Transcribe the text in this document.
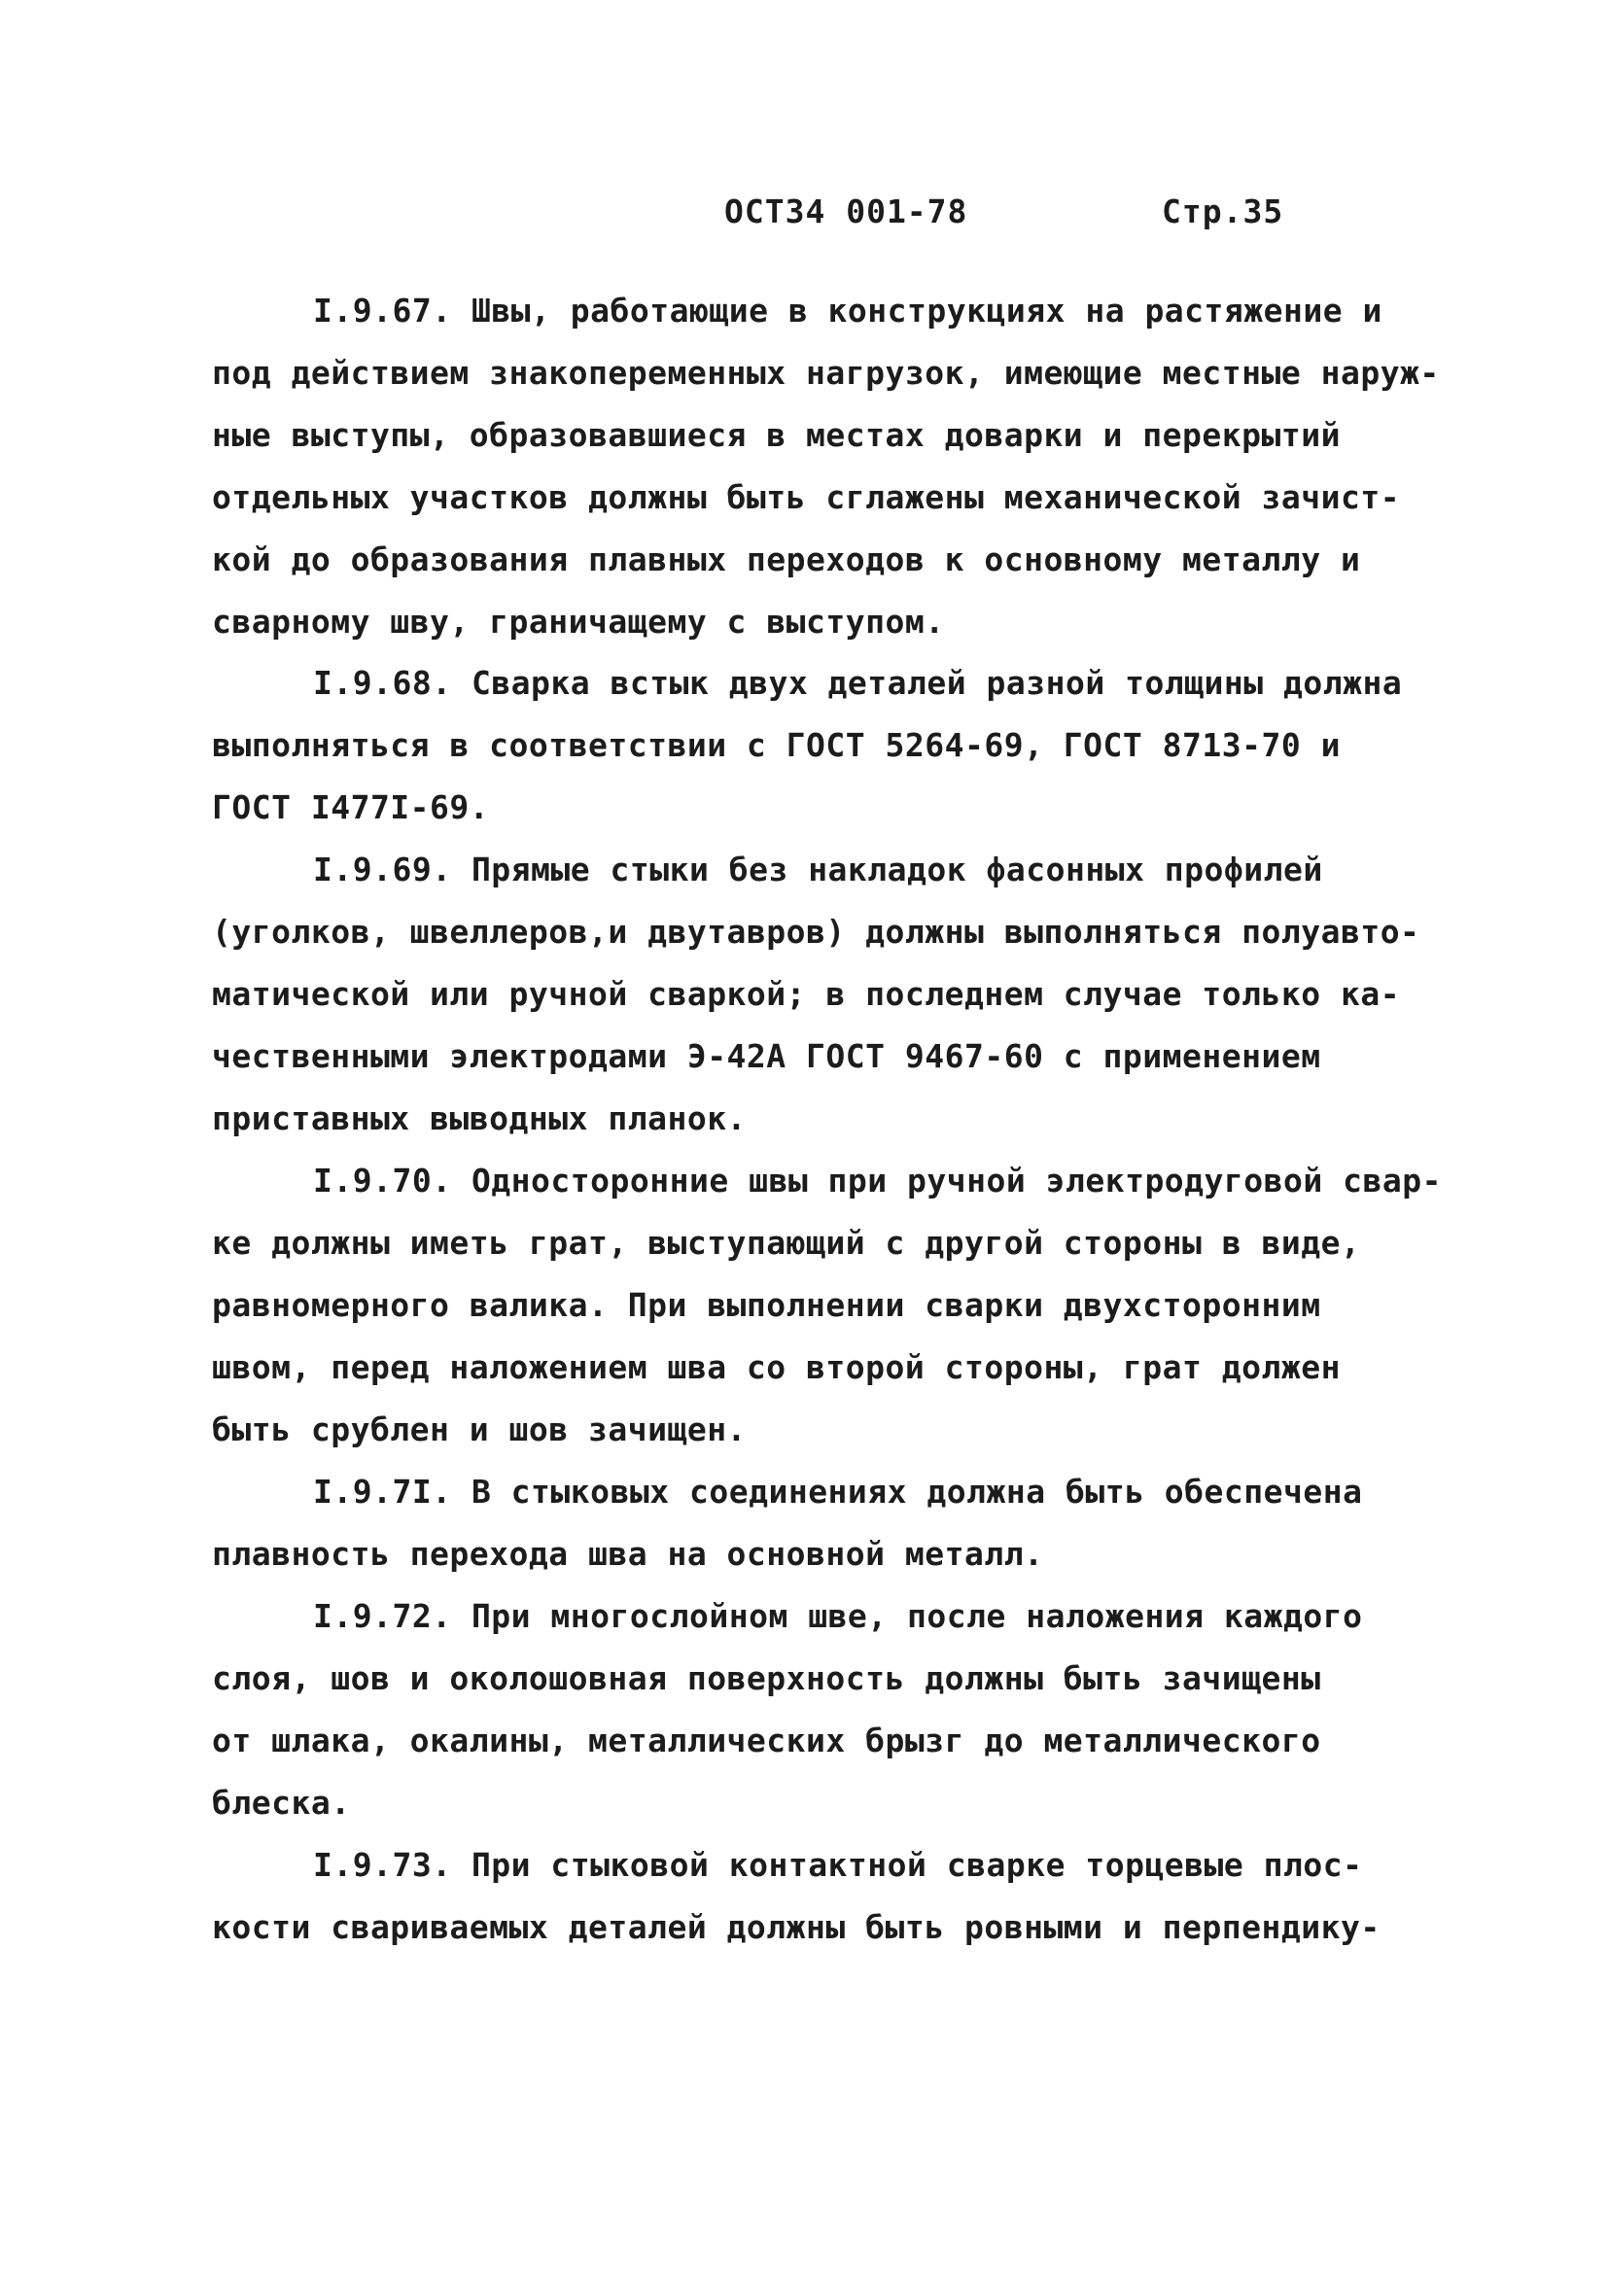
ОСТ34 001-78	Стр.35
I.9.67. Швы, работающие в конструкциях на растяжение и
под действием знакопеременных нагрузок, имеющие местные наруж-
ные выступы, образовавшиеся в местах доварки и перекрытий
отдельных участков должны быть сглажены механической зачист-
кой до образования плавных переходов к основному металлу и
сварному шву, граничащему с выступом.
I.9.68. Сварка встык двух деталей разной толщины должна
выполняться в соответствии с ГОСТ 5264-69, ГОСТ 8713-70 и
ГОСТ I477I-69.
I.9.69. Прямые стыки без накладок фасонных профилей
(уголков, швеллеров,и двутавров) должны выполняться полуавто-
матической или ручной сваркой; в последнем случае только ка-
чественными электродами Э-42А ГОСТ 9467-60 с применением
приставных выводных планок.
I.9.70. Односторонние швы при ручной электродуговой свар-
ке должны иметь грат, выступающий с другой стороны в виде,
равномерного валика. При выполнении сварки двухсторонним
швом, перед наложением шва со второй стороны, грат должен
быть срублен и шов зачищен.
I.9.7I. В стыковых соединениях должна быть обеспечена
плавность перехода шва на основной металл.
I.9.72. При многослойном шве, после наложения каждого
слоя, шов и околошовная поверхность должны быть зачищены
от шлака, окалины, металлических брызг до металлического
блеска.
I.9.73. При стыковой контактной сварке торцевые плос-
кости свариваемых деталей должны быть ровными и перпендику-
